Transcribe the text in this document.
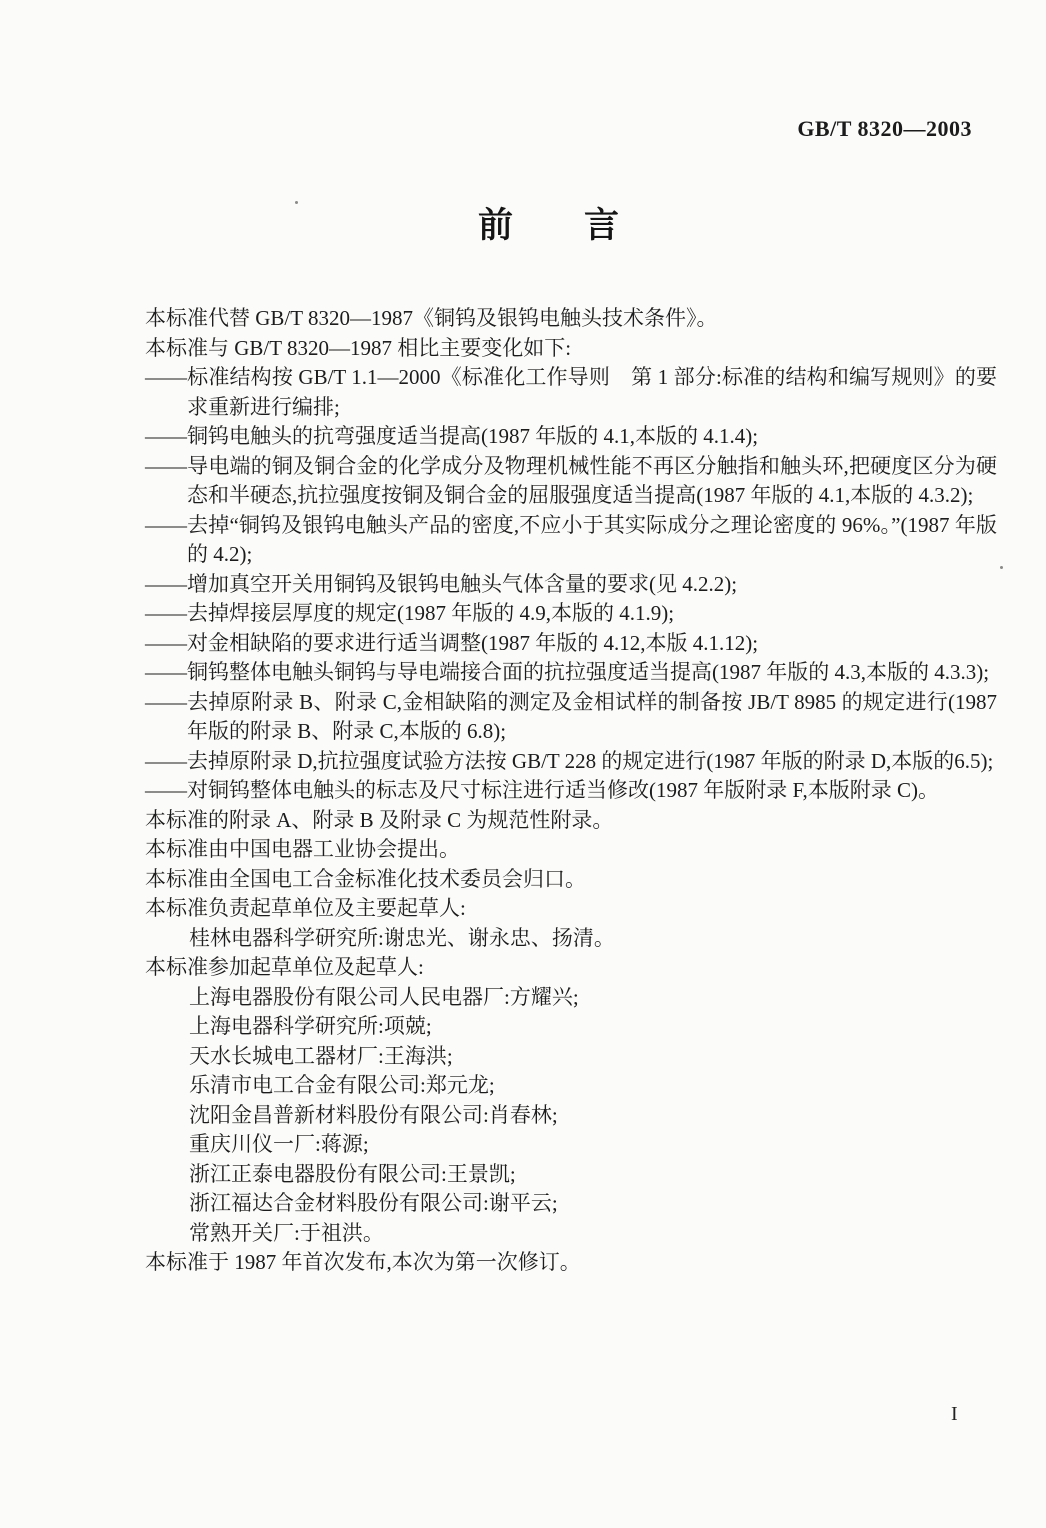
GB/T 8320—2003
前言

本标准代替 GB/T 8320—1987《铜钨及银钨电触头技术条件》。

本标准与 GB/T 8320—1987 相比主要变化如下:

——标准结构按 GB/T 1.1—2000《标准化工作导则　第 1 部分:标准的结构和编写规则》的要求重新进行编排;

——铜钨电触头的抗弯强度适当提高(1987 年版的 4.1,本版的 4.1.4);

——导电端的铜及铜合金的化学成分及物理机械性能不再区分触指和触头环,把硬度区分为硬态和半硬态,抗拉强度按铜及铜合金的屈服强度适当提高(1987 年版的 4.1,本版的 4.3.2);

——去掉“铜钨及银钨电触头产品的密度,不应小于其实际成分之理论密度的 96%。”(1987 年版的 4.2);

——增加真空开关用铜钨及银钨电触头气体含量的要求(见 4.2.2);

——去掉焊接层厚度的规定(1987 年版的 4.9,本版的 4.1.9);

——对金相缺陷的要求进行适当调整(1987 年版的 4.12,本版 4.1.12);

——铜钨整体电触头铜钨与导电端接合面的抗拉强度适当提高(1987 年版的 4.3,本版的 4.3.3);

——去掉原附录 B、附录 C,金相缺陷的测定及金相试样的制备按 JB/T 8985 的规定进行(1987 年版的附录 B、附录 C,本版的 6.8);

——去掉原附录 D,抗拉强度试验方法按 GB/T 228 的规定进行(1987 年版的附录 D,本版的6.5);

——对铜钨整体电触头的标志及尺寸标注进行适当修改(1987 年版附录 F,本版附录 C)。

本标准的附录 A、附录 B 及附录 C 为规范性附录。

本标准由中国电器工业协会提出。

本标准由全国电工合金标准化技术委员会归口。

本标准负责起草单位及主要起草人:

桂林电器科学研究所:谢忠光、谢永忠、扬清。

本标准参加起草单位及起草人:

上海电器股份有限公司人民电器厂:方耀兴;

上海电器科学研究所:项兢;

天水长城电工器材厂:王海洪;

乐清市电工合金有限公司:郑元龙;

沈阳金昌普新材料股份有限公司:肖春林;

重庆川仪一厂:蒋源;

浙江正泰电器股份有限公司:王景凯;

浙江福达合金材料股份有限公司:谢平云;

常熟开关厂:于祖洪。

本标准于 1987 年首次发布,本次为第一次修订。

I
